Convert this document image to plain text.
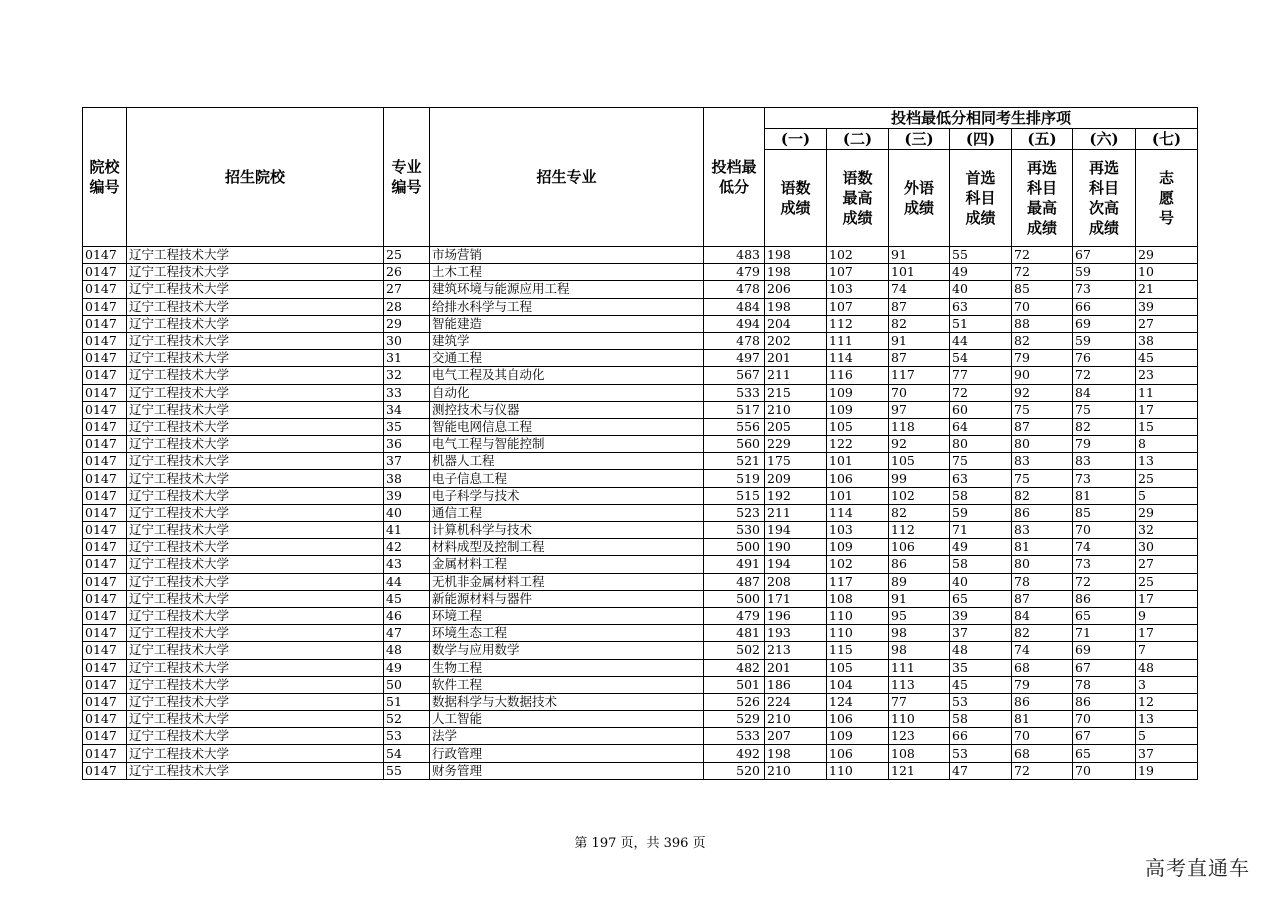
院校编号	招生院校	专业编号	招生专业	投档最低分	投档最低分相同考生排序项						
					(一)	(二)	(三)	(四)	(五)	(六)	(七)
					语数成绩	语数最高成绩	外语成绩	首选科目成绩	再选科目最高成绩	再选科目次高成绩	志愿号
0147	辽宁工程技术大学	25	市场营销	483	198	102	91	55	72	67	29
0147	辽宁工程技术大学	26	土木工程	479	198	107	101	49	72	59	10
0147	辽宁工程技术大学	27	建筑环境与能源应用工程	478	206	103	74	40	85	73	21
0147	辽宁工程技术大学	28	给排水科学与工程	484	198	107	87	63	70	66	39
0147	辽宁工程技术大学	29	智能建造	494	204	112	82	51	88	69	27
0147	辽宁工程技术大学	30	建筑学	478	202	111	91	44	82	59	38
0147	辽宁工程技术大学	31	交通工程	497	201	114	87	54	79	76	45
0147	辽宁工程技术大学	32	电气工程及其自动化	567	211	116	117	77	90	72	23
0147	辽宁工程技术大学	33	自动化	533	215	109	70	72	92	84	11
0147	辽宁工程技术大学	34	测控技术与仪器	517	210	109	97	60	75	75	17
0147	辽宁工程技术大学	35	智能电网信息工程	556	205	105	118	64	87	82	15
0147	辽宁工程技术大学	36	电气工程与智能控制	560	229	122	92	80	80	79	8
0147	辽宁工程技术大学	37	机器人工程	521	175	101	105	75	83	83	13
0147	辽宁工程技术大学	38	电子信息工程	519	209	106	99	63	75	73	25
0147	辽宁工程技术大学	39	电子科学与技术	515	192	101	102	58	82	81	5
0147	辽宁工程技术大学	40	通信工程	523	211	114	82	59	86	85	29
0147	辽宁工程技术大学	41	计算机科学与技术	530	194	103	112	71	83	70	32
0147	辽宁工程技术大学	42	材料成型及控制工程	500	190	109	106	49	81	74	30
0147	辽宁工程技术大学	43	金属材料工程	491	194	102	86	58	80	73	27
0147	辽宁工程技术大学	44	无机非金属材料工程	487	208	117	89	40	78	72	25
0147	辽宁工程技术大学	45	新能源材料与器件	500	171	108	91	65	87	86	17
0147	辽宁工程技术大学	46	环境工程	479	196	110	95	39	84	65	9
0147	辽宁工程技术大学	47	环境生态工程	481	193	110	98	37	82	71	17
0147	辽宁工程技术大学	48	数学与应用数学	502	213	115	98	48	74	69	7
0147	辽宁工程技术大学	49	生物工程	482	201	105	111	35	68	67	48
0147	辽宁工程技术大学	50	软件工程	501	186	104	113	45	79	78	3
0147	辽宁工程技术大学	51	数据科学与大数据技术	526	224	124	77	53	86	86	12
0147	辽宁工程技术大学	52	人工智能	529	210	106	110	58	81	70	13
0147	辽宁工程技术大学	53	法学	533	207	109	123	66	70	67	5
0147	辽宁工程技术大学	54	行政管理	492	198	106	108	53	68	65	37
0147	辽宁工程技术大学	55	财务管理	520	210	110	121	47	72	70	19
第 197 页，共 396 页
高考直通车
